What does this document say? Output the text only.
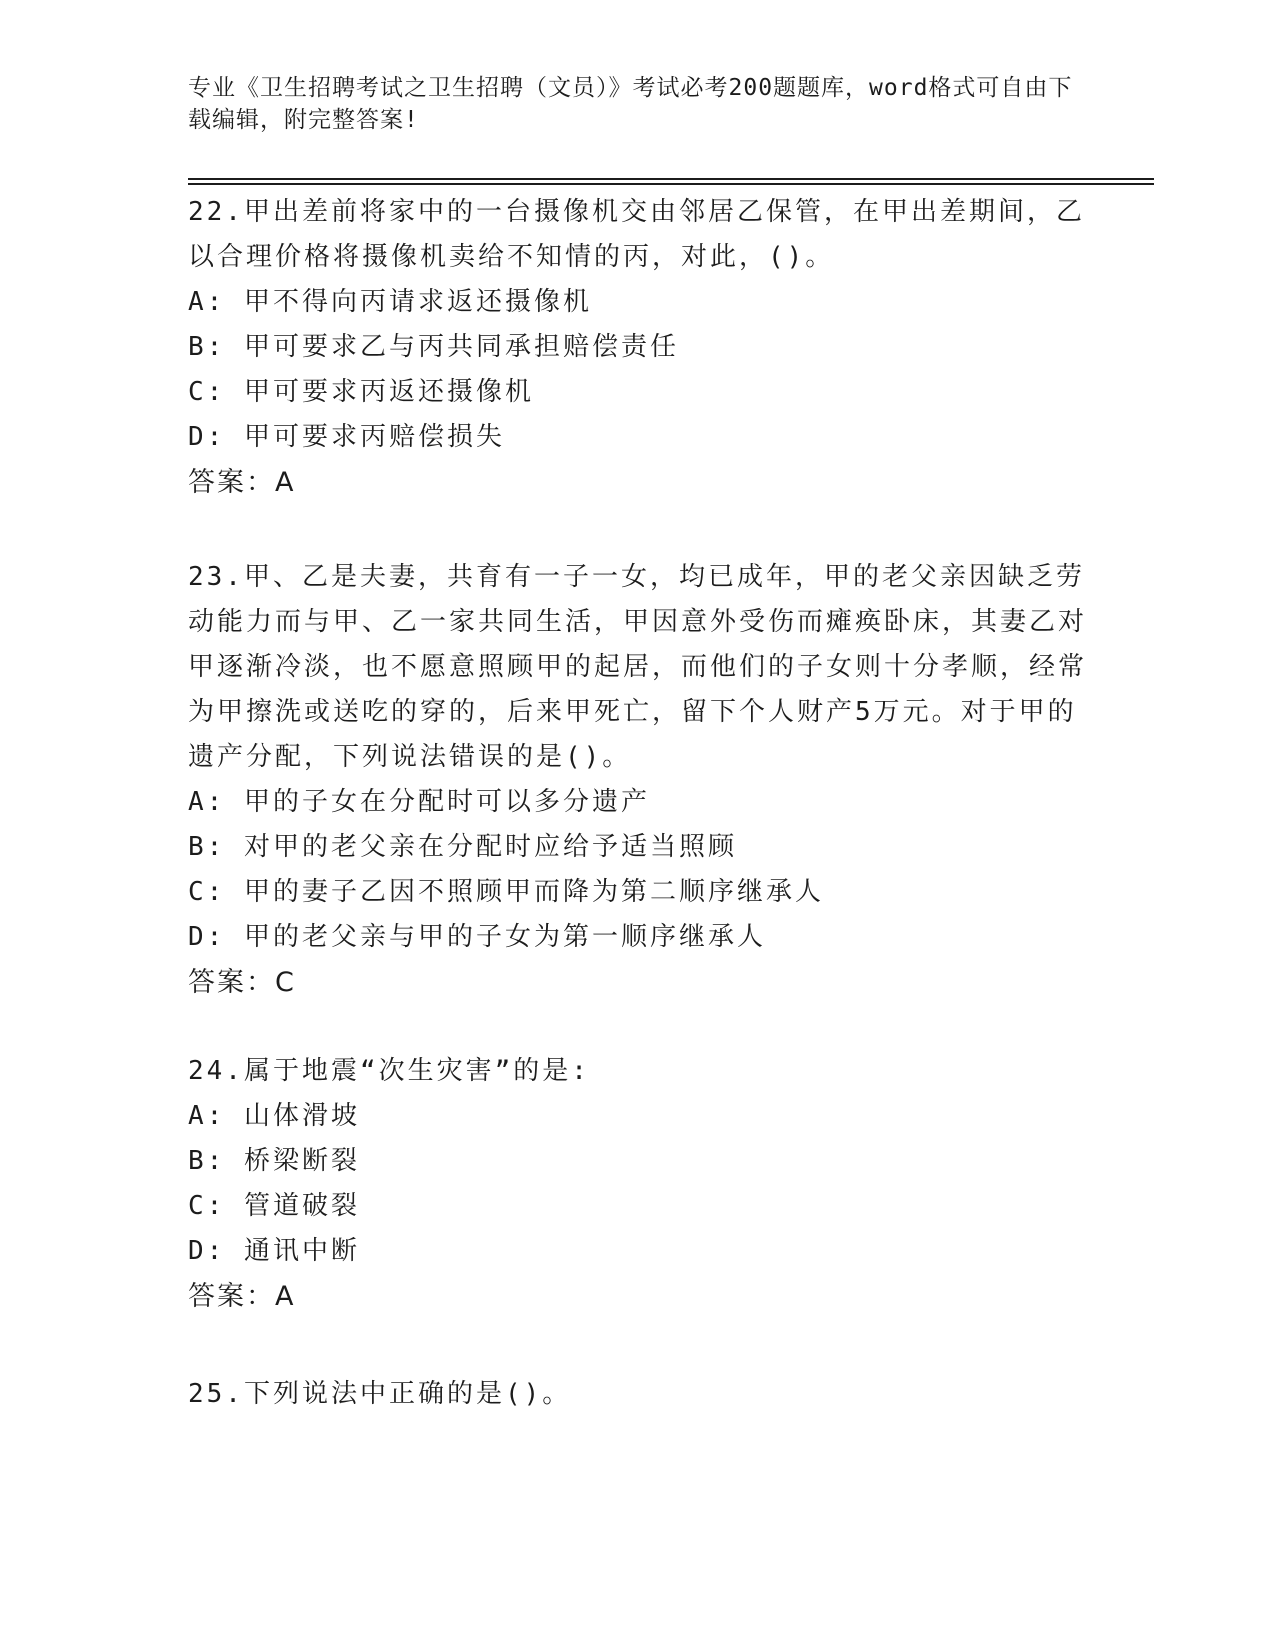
专业《卫生招聘考试之卫生招聘（文员）》考试必考200题题库，word格式可自由下载编辑，附完整答案!

22.甲出差前将家中的一台摄像机交由邻居乙保管，在甲出差期间，乙以合理价格将摄像机卖给不知情的丙，对此，()。

A: 甲不得向丙请求返还摄像机

B: 甲可要求乙与丙共同承担赔偿责任

C: 甲可要求丙返还摄像机

D: 甲可要求丙赔偿损失

答案：A

23.甲、乙是夫妻，共育有一子一女，均已成年，甲的老父亲因缺乏劳动能力而与甲、乙一家共同生活，甲因意外受伤而瘫痪卧床，其妻乙对甲逐渐冷淡，也不愿意照顾甲的起居，而他们的子女则十分孝顺，经常为甲擦洗或送吃的穿的，后来甲死亡，留下个人财产5万元。对于甲的遗产分配，下列说法错误的是()。

A: 甲的子女在分配时可以多分遗产

B: 对甲的老父亲在分配时应给予适当照顾

C: 甲的妻子乙因不照顾甲而降为第二顺序继承人

D: 甲的老父亲与甲的子女为第一顺序继承人

答案：C

24.属于地震“次生灾害”的是:

A: 山体滑坡

B: 桥梁断裂

C: 管道破裂

D: 通讯中断

答案：A

25.下列说法中正确的是()。
